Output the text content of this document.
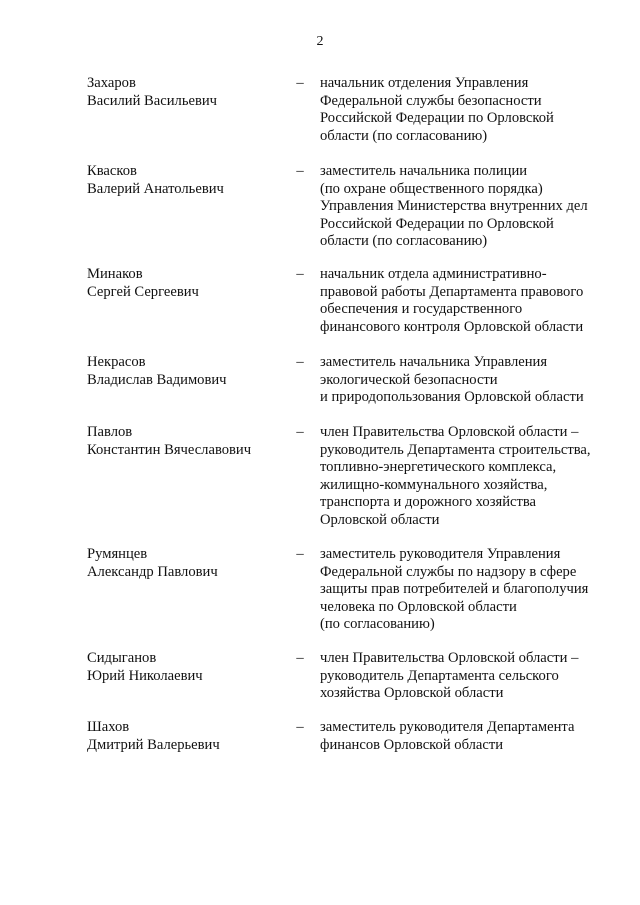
2
Захаров
Василий Васильевич
– начальник отделения Управления
Федеральной службы безопасности
Российской Федерации по Орловской
области (по согласованию)
Квасков
Валерий Анатольевич
– заместитель начальника полиции
(по охране общественного порядка)
Управления Министерства внутренних дел
Российской Федерации по Орловской
области (по согласованию)
Минаков
Сергей Сергеевич
– начальник отдела административно-
правовой работы Департамента правового
обеспечения и государственного
финансового контроля Орловской области
Некрасов
Владислав Вадимович
– заместитель начальника Управления
экологической безопасности
и природопользования Орловской области
Павлов
Константин Вячеславович
– член Правительства Орловской области –
руководитель Департамента строительства,
топливно-энергетического комплекса,
жилищно-коммунального хозяйства,
транспорта и дорожного хозяйства
Орловской области
Румянцев
Александр Павлович
– заместитель руководителя Управления
Федеральной службы по надзору в сфере
защиты прав потребителей и благополучия
человека по Орловской области
(по согласованию)
Сидыганов
Юрий Николаевич
– член Правительства Орловской области –
руководитель Департамента сельского
хозяйства Орловской области
Шахов
Дмитрий Валерьевич
– заместитель руководителя Департамента
финансов Орловской области
